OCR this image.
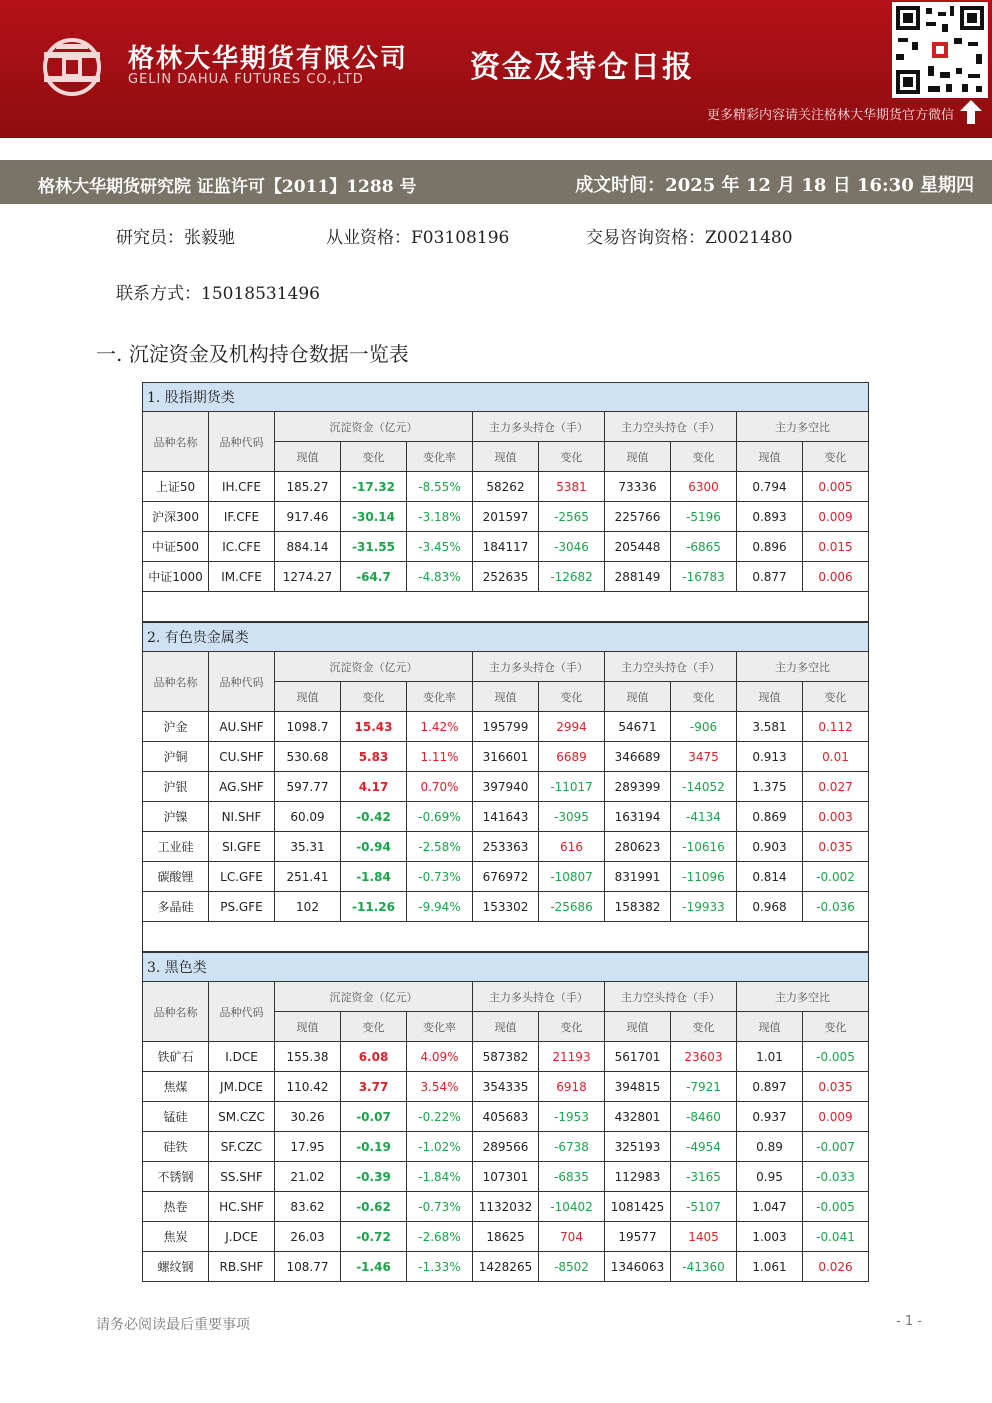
格林大华期货有限公司
GELIN DAHUA FUTURES CO.,LTD	资金及持仓日报
更多精彩内容请关注格林大华期货官方微信
格林大华期货研究院 证监许可【2011】1288 号	成文时间：2025 年 12 月 18 日 16:30 星期四
研究员：张毅驰	从业资格：F03108196	交易咨询资格：Z0021480
联系方式：15018531496
一. 沉淀资金及机构持仓数据一览表
1. 股指期货类										
品种名称	品种代码	沉淀资金（亿元）			主力多头持仓（手）		主力空头持仓（手）		主力多空比	
		现值	变化	变化率	现值	变化	现值	变化	现值	变化
上证50	IH.CFE	185.27	-17.32	-8.55%	58262	5381	73336	6300	0.794	0.005
沪深300	IF.CFE	917.46	-30.14	-3.18%	201597	-2565	225766	-5196	0.893	0.009
中证500	IC.CFE	884.14	-31.55	-3.45%	184117	-3046	205448	-6865	0.896	0.015
中证1000	IM.CFE	1274.27	-64.7	-4.83%	252635	-12682	288149	-16783	0.877	0.006

2. 有色贵金属类										
品种名称	品种代码	沉淀资金（亿元）			主力多头持仓（手）		主力空头持仓（手）		主力多空比	
		现值	变化	变化率	现值	变化	现值	变化	现值	变化
沪金	AU.SHF	1098.7	15.43	1.42%	195799	2994	54671	-906	3.581	0.112
沪铜	CU.SHF	530.68	5.83	1.11%	316601	6689	346689	3475	0.913	0.01
沪银	AG.SHF	597.77	4.17	0.70%	397940	-11017	289399	-14052	1.375	0.027
沪镍	NI.SHF	60.09	-0.42	-0.69%	141643	-3095	163194	-4134	0.869	0.003
工业硅	SI.GFE	35.31	-0.94	-2.58%	253363	616	280623	-10616	0.903	0.035
碳酸锂	LC.GFE	251.41	-1.84	-0.73%	676972	-10807	831991	-11096	0.814	-0.002
多晶硅	PS.GFE	102	-11.26	-9.94%	153302	-25686	158382	-19933	0.968	-0.036

3. 黑色类										
品种名称	品种代码	沉淀资金（亿元）			主力多头持仓（手）		主力空头持仓（手）		主力多空比	
		现值	变化	变化率	现值	变化	现值	变化	现值	变化
铁矿石	I.DCE	155.38	6.08	4.09%	587382	21193	561701	23603	1.01	-0.005
焦煤	JM.DCE	110.42	3.77	3.54%	354335	6918	394815	-7921	0.897	0.035
锰硅	SM.CZC	30.26	-0.07	-0.22%	405683	-1953	432801	-8460	0.937	0.009
硅铁	SF.CZC	17.95	-0.19	-1.02%	289566	-6738	325193	-4954	0.89	-0.007
不锈钢	SS.SHF	21.02	-0.39	-1.84%	107301	-6835	112983	-3165	0.95	-0.033
热卷	HC.SHF	83.62	-0.62	-0.73%	1132032	-10402	1081425	-5107	1.047	-0.005
焦炭	J.DCE	26.03	-0.72	-2.68%	18625	704	19577	1405	1.003	-0.041
螺纹钢	RB.SHF	108.77	-1.46	-1.33%	1428265	-8502	1346063	-41360	1.061	0.026
请务必阅读最后重要事项	- 1 -
